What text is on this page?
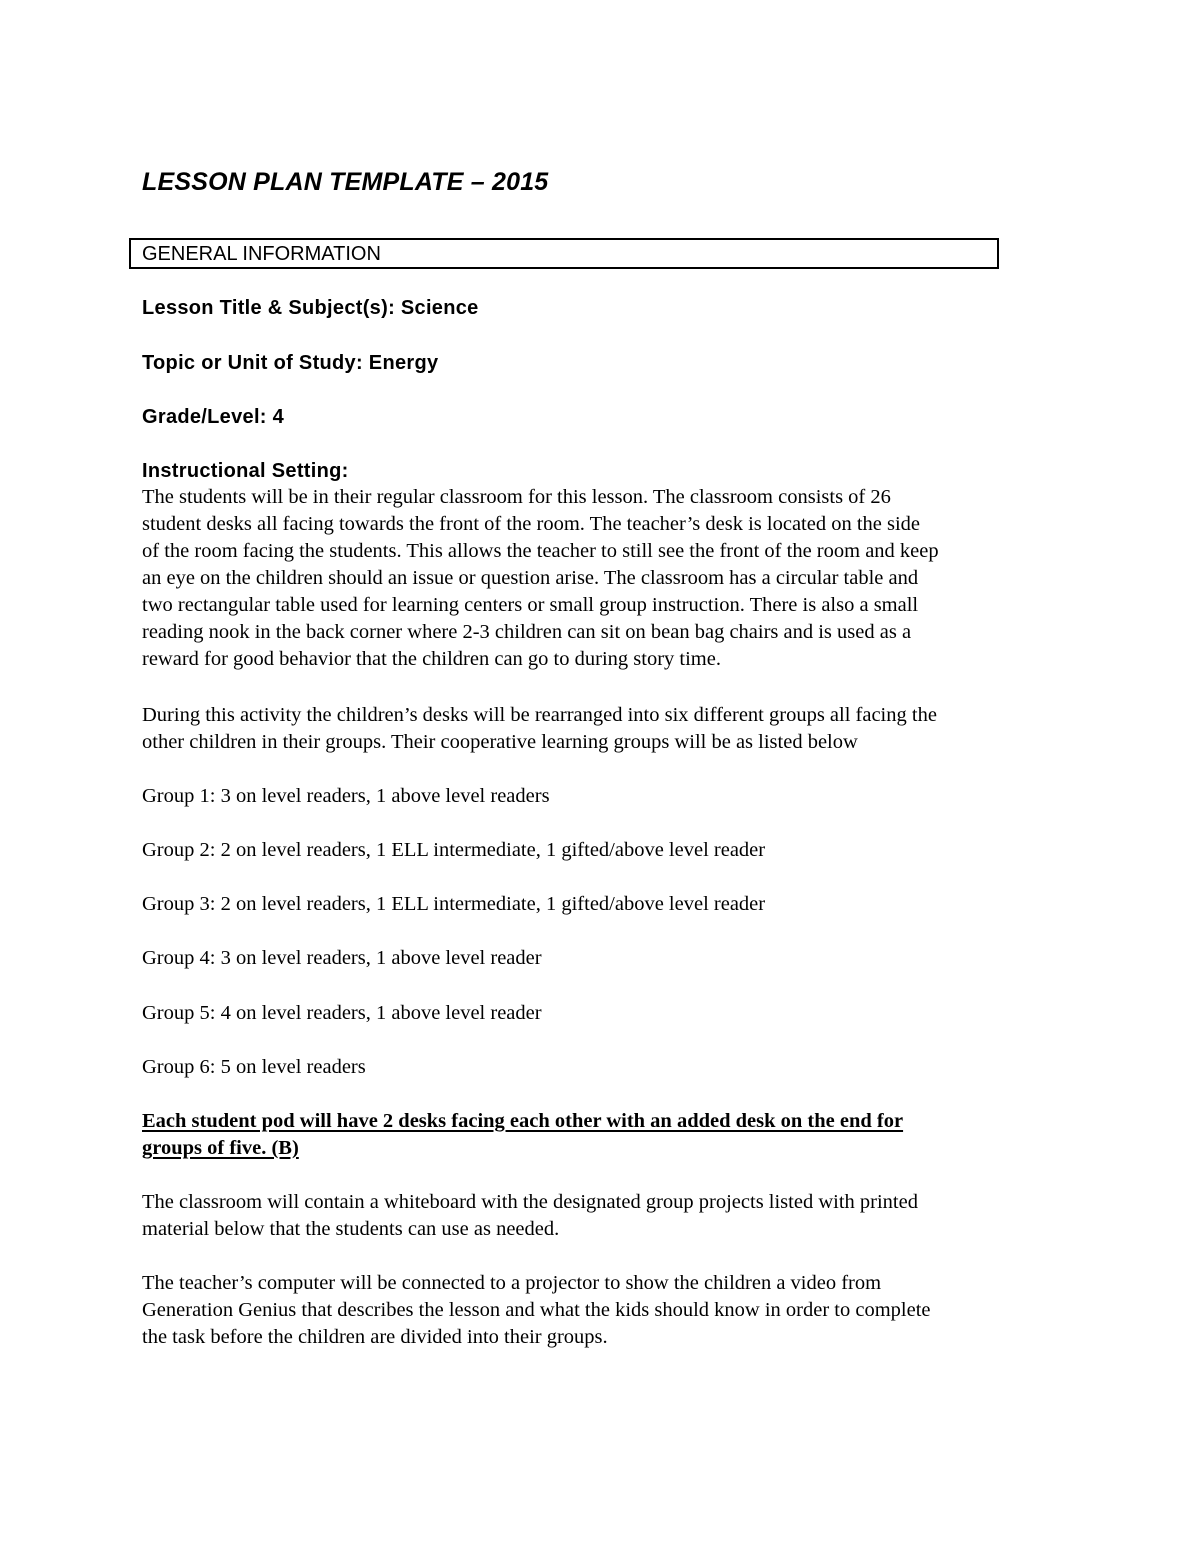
LESSON PLAN TEMPLATE – 2015
GENERAL INFORMATION

Lesson Title & Subject(s): Science

Topic or Unit of Study: Energy

Grade/Level: 4

Instructional Setting:

The students will be in their regular classroom for this lesson. The classroom consists of 26

student desks all facing towards the front of the room. The teacher’s desk is located on the side

of the room facing the students. This allows the teacher to still see the front of the room and keep

an eye on the children should an issue or question arise. The classroom has a circular table and

two rectangular table used for learning centers or small group instruction. There is also a small

reading nook in the back corner where 2-3 children can sit on bean bag chairs and is used as a

reward for good behavior that the children can go to during story time.

During this activity the children’s desks will be rearranged into six different groups all facing the

other children in their groups. Their cooperative learning groups will be as listed below

Group 1: 3 on level readers, 1 above level readers

Group 2: 2 on level readers, 1 ELL intermediate, 1 gifted/above level reader

Group 3: 2 on level readers, 1 ELL intermediate, 1 gifted/above level reader

Group 4: 3 on level readers, 1 above level reader

Group 5: 4 on level readers, 1 above level reader

Group 6: 5 on level readers

Each student pod will have 2 desks facing each other with an added desk on the end for

groups of five. (B)

The classroom will contain a whiteboard with the designated group projects listed with printed

material below that the students can use as needed.

The teacher’s computer will be connected to a projector to show the children a video from

Generation Genius that describes the lesson and what the kids should know in order to complete

the task before the children are divided into their groups.
